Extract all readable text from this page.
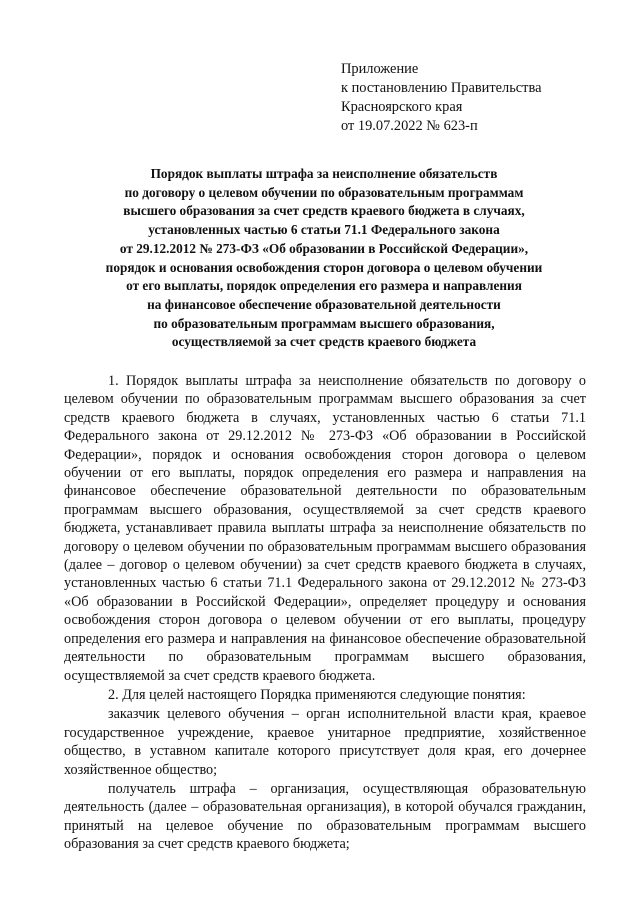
Приложение
к постановлению Правительства
Красноярского края
от 19.07.2022 № 623-п
Порядок выплаты штрафа за неисполнение обязательств
по договору о целевом обучении по образовательным программам
высшего образования за счет средств краевого бюджета в случаях,
установленных частью 6 статьи 71.1 Федерального закона
от 29.12.2012 № 273-ФЗ «Об образовании в Российской Федерации»,
порядок и основания освобождения сторон договора о целевом обучении
от его выплаты, порядок определения его размера и направления
на финансовое обеспечение образовательной деятельности
по образовательным программам высшего образования,
осуществляемой за счет средств краевого бюджета

1. Порядок выплаты штрафа за неисполнение обязательств по договору о целевом обучении по образовательным программам высшего образования за счет средств краевого бюджета в случаях, установленных частью 6 статьи 71.1 Федерального закона от 29.12.2012 № 273-ФЗ «Об образовании в Российской Федерации», порядок и основания освобождения сторон договора о целевом обучении от его выплаты, порядок определения его размера и направления на финансовое обеспечение образовательной деятельности по образовательным программам высшего образования, осуществляемой за счет средств краевого бюджета, устанавливает правила выплаты штрафа за неисполнение обязательств по договору о целевом обучении по образовательным программам высшего образования (далее – договор о целевом обучении) за счет средств краевого бюджета в случаях, установленных частью 6 статьи 71.1 Федерального закона от 29.12.2012 № 273-ФЗ «Об образовании в Российской Федерации», определяет процедуру и основания освобождения сторон договора о целевом обучении от его выплаты, процедуру определения его размера и направления на финансовое обеспечение образовательной деятельности по образовательным программам высшего образования, осуществляемой за счет средств краевого бюджета.

2. Для целей настоящего Порядка применяются следующие понятия:

заказчик целевого обучения – орган исполнительной власти края, краевое государственное учреждение, краевое унитарное предприятие, хозяйственное общество, в уставном капитале которого присутствует доля края, его дочернее хозяйственное общество;

получатель штрафа – организация, осуществляющая образовательную деятельность (далее – образовательная организация), в которой обучался гражданин, принятый на целевое обучение по образовательным программам высшего образования за счет средств краевого бюджета;
